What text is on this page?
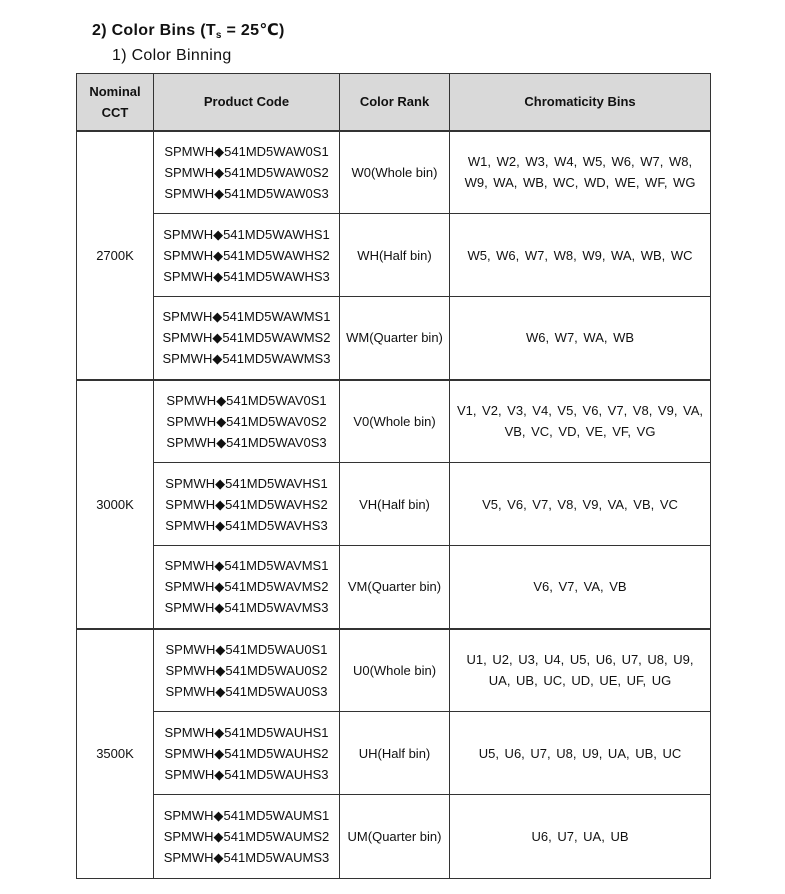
2) Color Bins ($T_s$ = 25℃)
1) Color Binning
Nominal
CCT	Product Code	Color Rank	Chromaticity Bins
2700K	SPMWH◆541MD5WAW0S1
SPMWH◆541MD5WAW0S2
SPMWH◆541MD5WAW0S3	W0(Whole bin)	W1, W2, W3, W4, W5, W6, W7, W8, W9, WA, WB, WC, WD, WE, WF, WG

	SPMWH◆541MD5WAWHS1
SPMWH◆541MD5WAWHS2
SPMWH◆541MD5WAWHS3	WH(Half bin)	W5, W6, W7, W8, W9, WA, WB, WC

	SPMWH◆541MD5WAWMS1
SPMWH◆541MD5WAWMS2
SPMWH◆541MD5WAWMS3	WM(Quarter bin)	W6, W7, WA, WB
3000K	SPMWH◆541MD5WAV0S1
SPMWH◆541MD5WAV0S2
SPMWH◆541MD5WAV0S3	V0(Whole bin)	V1, V2, V3, V4, V5, V6, V7, V8, V9, VA, VB, VC, VD, VE, VF, VG

	SPMWH◆541MD5WAVHS1
SPMWH◆541MD5WAVHS2
SPMWH◆541MD5WAVHS3	VH(Half bin)	V5, V6, V7, V8, V9, VA, VB, VC

	SPMWH◆541MD5WAVMS1
SPMWH◆541MD5WAVMS2
SPMWH◆541MD5WAVMS3	VM(Quarter bin)	V6, V7, VA, VB
3500K	SPMWH◆541MD5WAU0S1
SPMWH◆541MD5WAU0S2
SPMWH◆541MD5WAU0S3	U0(Whole bin)	U1, U2, U3, U4, U5, U6, U7, U8, U9, UA, UB, UC, UD, UE, UF, UG

	SPMWH◆541MD5WAUHS1
SPMWH◆541MD5WAUHS2
SPMWH◆541MD5WAUHS3	UH(Half bin)	U5, U6, U7, U8, U9, UA, UB, UC

	SPMWH◆541MD5WAUMS1
SPMWH◆541MD5WAUMS2
SPMWH◆541MD5WAUMS3	UM(Quarter bin)	U6, U7, UA, UB
